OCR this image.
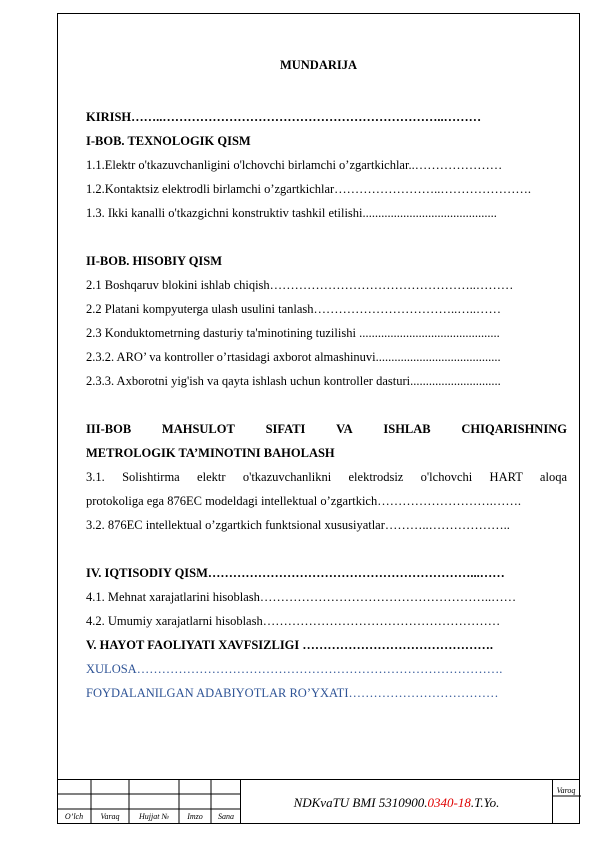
MUNDARIJA
KIRISH……..…………………………………………………………..………
I-BOB. TEXNOLOGIK QISM
1.1.Elektr o'tkazuvchanligini o'lchovchi birlamchi o’zgartkichlar..…………………
1.2.Kontaktsiz elektrodli birlamchi o’zgartkichlar……………………..………………….
1.3. Ikki kanalli o'tkazgichni konstruktiv tashkil etilishi...........................................
II-BOB. HISOBIY QISM
2.1 Boshqaruv blokini ishlab chiqish…………………………………………..………
2.2 Platani kompyuterga ulash usulini tanlash……………………………..…..……
2.3 Konduktometrning dasturiy ta'minotining tuzilishi .............................................
2.3.2. ARO’ va kontroller o’rtasidagi axborot almashinuvi........................................
2.3.3. Axborotni yig'ish va qayta ishlash uchun kontroller dasturi.............................
III-BOB MAHSULOT SIFATI VA ISHLAB CHIQARISHNING
METROLOGIK TA’MINOTINI BAHOLASH
3.1. Solishtirma elektr o'tkazuvchanlikni elektrodsiz o'lchovchi HART aloqa
protokoliga ega 876EC modeldagi intellektual o’zgartkich……………………….…….
3.2. 876EC intellektual o’zgartkich funktsional xususiyatlar………..………………..
IV. IQTISODIY QISM………………………………………………………...……
4.1. Mehnat xarajatlarini hisoblash………………………………………………..……
4.2. Umumiy xarajatlarni hisoblash…………………………………………………
V. HAYOT FAOLIYATI XAVFSIZLIGI ……………………………………….
XULOSA…………………………………………………………………………….
FOYDALANILGAN ADABIYOTLAR RO’YXATI………………………………
O’lch	Varaq	Hujjat №	Imzo	Sana
NDKvaTU BMI 5310900.0340-18.T.Yo.
Varoq
